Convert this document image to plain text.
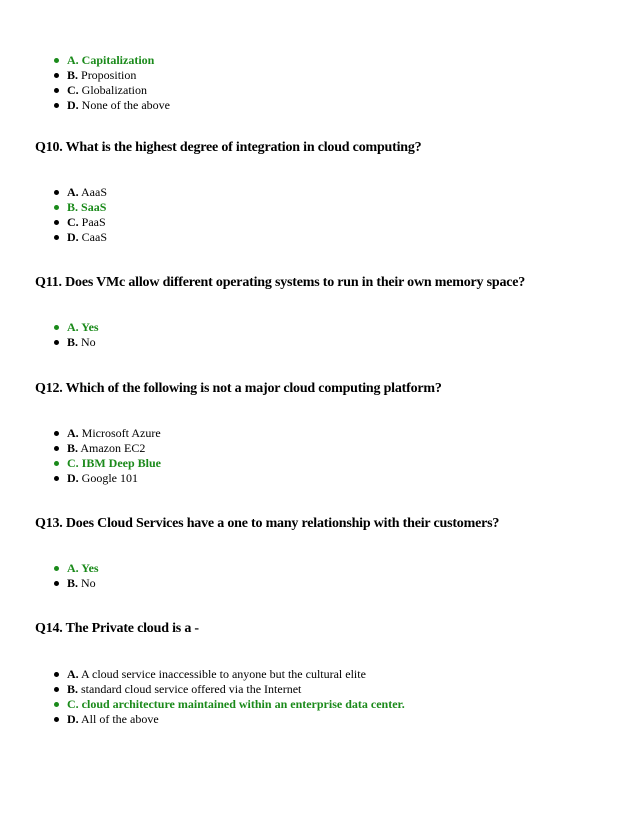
A. Capitalization
B. Proposition
C. Globalization
D. None of the above
Q10. What is the highest degree of integration in cloud computing?
A. AaaS
B. SaaS
C. PaaS
D. CaaS
Q11. Does VMc allow different operating systems to run in their own memory space?
A. Yes
B. No
Q12. Which of the following is not a major cloud computing platform?
A. Microsoft Azure
B. Amazon EC2
C. IBM Deep Blue
D. Google 101
Q13. Does Cloud Services have a one to many relationship with their customers?
A. Yes
B. No
Q14. The Private cloud is a -
A. A cloud service inaccessible to anyone but the cultural elite
B. standard cloud service offered via the Internet
C. cloud architecture maintained within an enterprise data center.
D. All of the above
